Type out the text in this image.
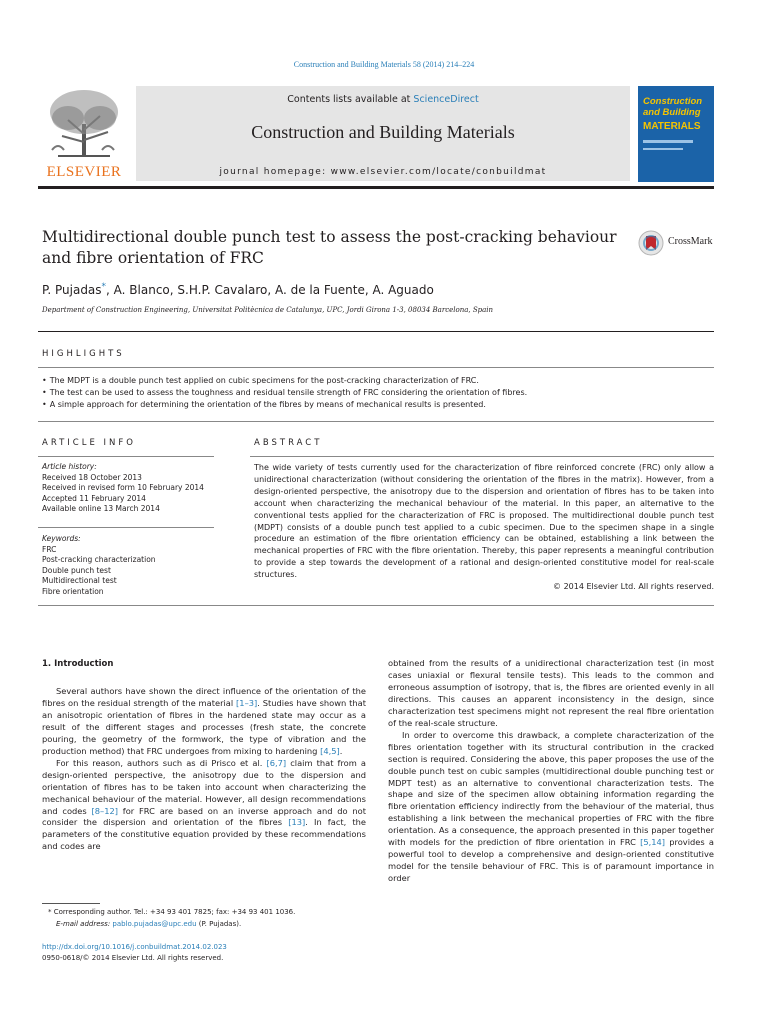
Construction and Building Materials 58 (2014) 214–224
ELSEVIER
Contents lists available at ScienceDirect
Construction and Building Materials
journal homepage: www.elsevier.com/locate/conbuildmat
Construction and Building
MATERIALS
Multidirectional double punch test to assess the post-cracking behaviour and fibre orientation of FRC
CrossMark
P. Pujadas*, A. Blanco, S.H.P. Cavalaro, A. de la Fuente, A. Aguado
Department of Construction Engineering, Universitat Politècnica de Catalunya, UPC, Jordi Girona 1-3, 08034 Barcelona, Spain
HIGHLIGHTS
• The MDPT is a double punch test applied on cubic specimens for the post-cracking characterization of FRC.
• The test can be used to assess the toughness and residual tensile strength of FRC considering the orientation of fibres.
• A simple approach for determining the orientation of the fibres by means of mechanical results is presented.
ARTICLE INFO
Article history:
Received 18 October 2013
Received in revised form 10 February 2014
Accepted 11 February 2014
Available online 13 March 2014
Keywords:
FRC
Post-cracking characterization
Double punch test
Multidirectional test
Fibre orientation
ABSTRACT
The wide variety of tests currently used for the characterization of fibre reinforced concrete (FRC) only allow a unidirectional characterization (without considering the orientation of the fibres in the matrix). However, from a design-oriented perspective, the anisotropy due to the dispersion and orientation of fibres has to be taken into account when characterizing the mechanical behaviour of the material. In this paper, an alternative to the conventional tests applied for the characterization of FRC is proposed. The multidirectional double punch test (MDPT) consists of a double punch test applied to a cubic specimen. Due to the specimen shape in a single procedure an estimation of the fibre orientation efficiency can be obtained, establishing a link between the mechanical properties of FRC with the fibre orientation. Thereby, this paper represents a meaningful contribution to provide a step towards the development of a rational and design-oriented constitutive model for real-scale structures.
© 2014 Elsevier Ltd. All rights reserved.
1. Introduction

Several authors have shown the direct influence of the orientation of the fibres on the residual strength of the material [1–3]. Studies have shown that an anisotropic orientation of fibres in the hardened state may occur as a result of the different stages and processes (fresh state, the concrete pouring, the geometry of the formwork, the type of vibration and the production method) that FRC undergoes from mixing to hardening [4,5].

For this reason, authors such as di Prisco et al. [6,7] claim that from a design-oriented perspective, the anisotropy due to the dispersion and orientation of fibres has to be taken into account when characterizing the mechanical behaviour of the material. However, all design recommendations and codes [8–12] for FRC are based on an inverse approach and do not consider the dispersion and orientation of the fibres [13]. In fact, the parameters of the constitutive equation provided by these recommendations and codes are

* Corresponding author. Tel.: +34 93 401 7825; fax: +34 93 401 1036.
E-mail address: pablo.pujadas@upc.edu (P. Pujadas).
http://dx.doi.org/10.1016/j.conbuildmat.2014.02.023
0950-0618/© 2014 Elsevier Ltd. All rights reserved.

obtained from the results of a unidirectional characterization test (in most cases uniaxial or flexural tensile tests). This leads to the common and erroneous assumption of isotropy, that is, the fibres are oriented evenly in all directions. This causes an apparent inconsistency in the design, since characterization test specimens might not represent the real fibre orientation of the real-scale structure.

In order to overcome this drawback, a complete characterization of the fibres orientation together with its structural contribution in the cracked section is required. Considering the above, this paper proposes the use of the double punch test on cubic samples (multidirectional double punching test or MDPT test) as an alternative to conventional characterization tests. The shape and size of the specimen allow obtaining information regarding the fibre orientation efficiency indirectly from the behaviour of the material, thus establishing a link between the mechanical properties of FRC with the fibre orientation. As a consequence, the approach presented in this paper together with models for the prediction of fibre orientation in FRC [5,14] provides a powerful tool to develop a comprehensive and design-oriented constitutive model for the tensile behaviour of FRC. This is of paramount importance in order
